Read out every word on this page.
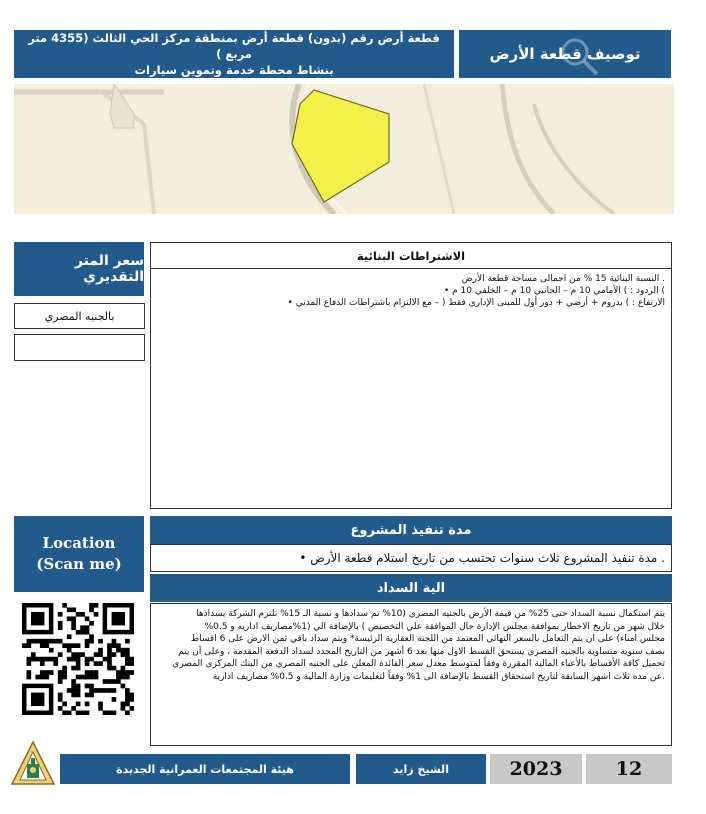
توصيف قطعة الأرض
قطعة أرض رقم (بدون) قطعة أرض بمنطقة مركز الحي الثالث (4355 متر مربع )
بنشاط محطة خدمة وتموين سيارات
سعر المتر التقديري
بالجنيه المصري
الاشتراطات البنائية
. النسبة البنائية 15 % من اجمالى مساحة قطعة الأرض
) الردود : ) الأمامي 10 م – الجانبي 10 م – الخلفي 10 م •
الارتفاع : ) بدروم + أرضي + دور أول للمبنى الإداري فقط ( – مع الالتزام باشتراطات الدفاع المدني •
Location
(Scan me)
مدة تنفيذ المشروع
. مدة تنفيذ المشروع ثلاث سنوات تحتسب من تاريخ استلام قطعة الأرض •
الية السداد
يتم استكمال نسبة السداد حتى 25% من قيمة الأرض بالجنيه المصري (10% تم سدادها و نسبة الـ 15% تلتزم الشركة بسدادها
خلال شهر من تاريخ الاخطار بموافقة مجلس الإدارة حال الموافقة علي التخصيص ) بالإضافة الي (1%مصاريف اداريه و 0.5%
مجلس امناء) على ان يتم التعامل بالسعر النهائي المعتمد من اللجنة العقارية الرئيسة* ويتم سداد باقي ثمن الارض على 6 اقساط
نصف سنوية متساوية بالجنيه المصري يستحق القسط الاول منها بعد 6 أشهر من التاريخ المحدد لسداد الدفعة المقدمة ، وعلى أن يتم
تحميل كافة الأقساط بالأعباء المالية المقررة وفقاً لمتوسط معدل سعر الفائدة المعلن على الجنيه المصري من البنك المركزي المصري
.عن مده ثلاث اشهر السابقة لتاريخ استحقاق القسط بالإضافة الى 1% وفقاً لتعليمات وزارة المالية و 0.5% مصاريف ادارية
هيئة المجتمعات العمرانية الجديدة	الشيخ زايد	2023	12
